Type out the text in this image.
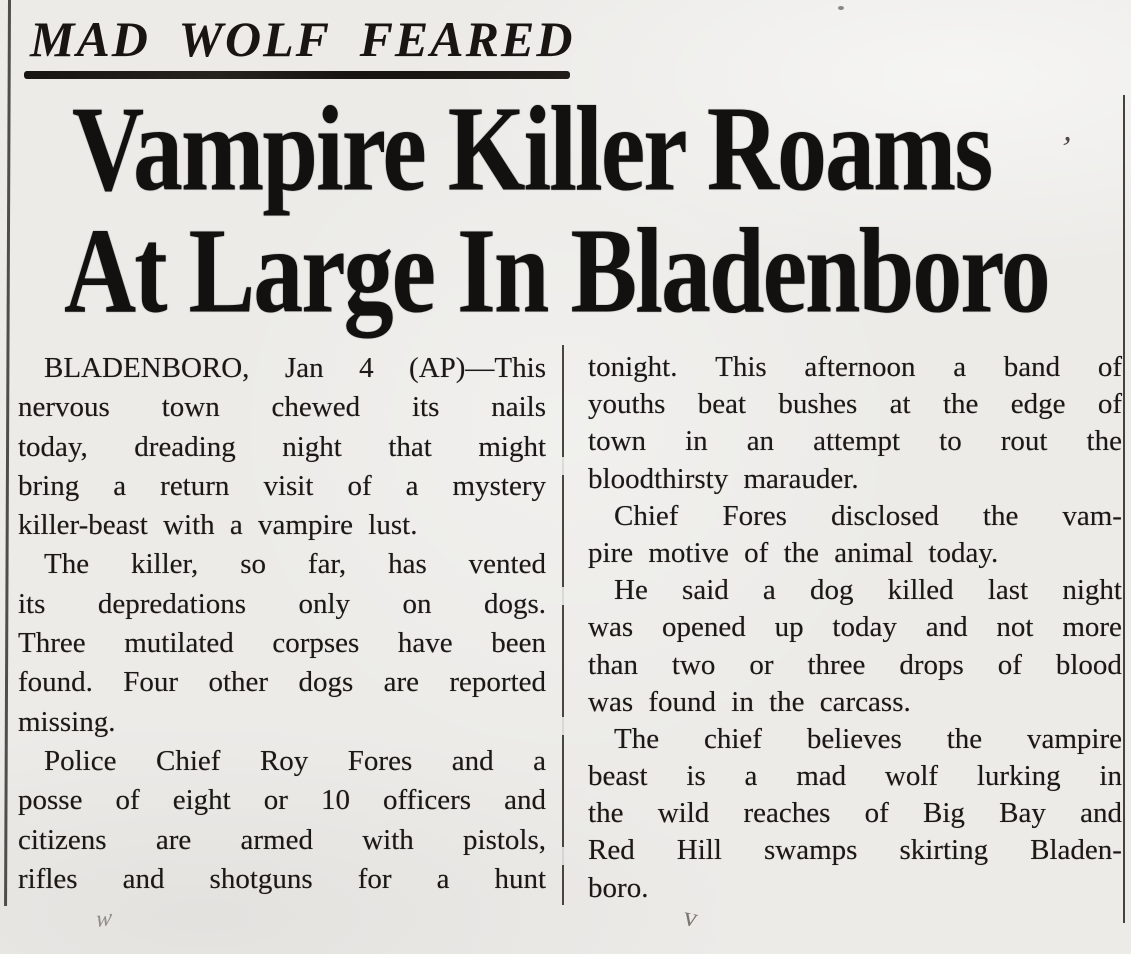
MAD WOLF FEARED
Vampire Killer Roams
At Large In Bladenboro
BLADENBORO, Jan 4 (AP)—This
nervous town chewed its nails
today, dreading night that might
bring a return visit of a mystery
killer-beast with a vampire lust.
The killer, so far, has vented
its depredations only on dogs.
Three mutilated corpses have been
found. Four other dogs are reported
missing.
Police Chief Roy Fores and a
posse of eight or 10 officers and
citizens are armed with pistols,
rifles and shotguns for a hunt
tonight. This afternoon a band of
youths beat bushes at the edge of
town in an attempt to rout the
bloodthirsty marauder.
Chief Fores disclosed the vam-
pire motive of the animal today.
He said a dog killed last night
was opened up today and not more
than two or three drops of blood
was found in the carcass.
The chief believes the vampire
beast is a mad wolf lurking in
the wild reaches of Big Bay and
Red Hill swamps skirting Bladen-
boro.
’
w	v
